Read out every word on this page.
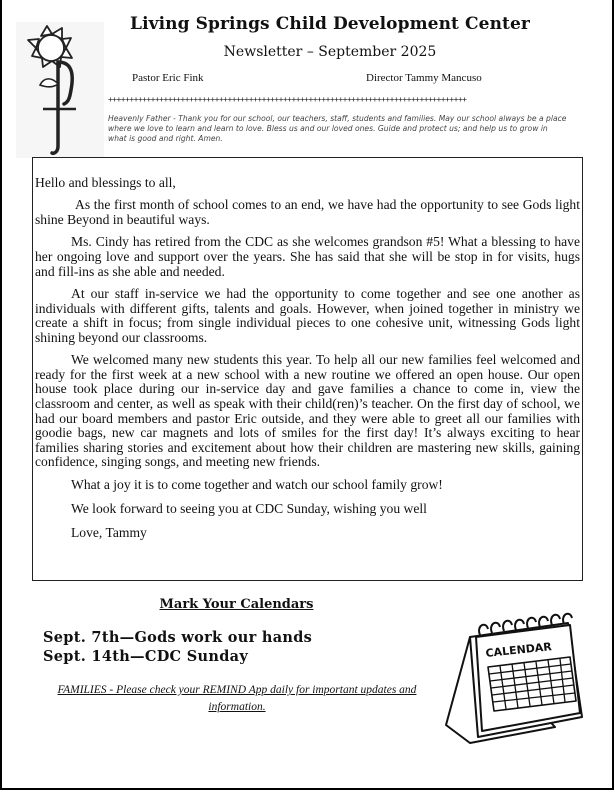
Living Springs Child Development Center
Newsletter – September 2025
Pastor Eric Fink	Director Tammy Mancuso
++++++++++++++++++++++++++++++++++++++++++++++++++++++++++++++++++++++++++++++++++++
Heavenly Father - Thank you for our school, our teachers, staff, students and families. May our school always be a place where we love to learn and learn to love. Bless us and our loved ones. Guide and protect us; and help us to grow in what is good and right. Amen.

Hello and blessings to all,

As the first month of school comes to an end, we have had the opportunity to see Gods light shine Beyond in beautiful ways.

Ms. Cindy has retired from the CDC as she welcomes grandson #5! What a blessing to have her ongoing love and support over the years. She has said that she will be stop in for visits, hugs and fill-ins as she able and needed.

At our staff in-service we had the opportunity to come together and see one another as individuals with different gifts, talents and goals. However, when joined together in ministry we create a shift in focus; from single individual pieces to one cohesive unit, witnessing Gods light shining beyond our classrooms.

We welcomed many new students this year. To help all our new families feel welcomed and ready for the first week at a new school with a new routine we offered an open house. Our open house took place during our in-service day and gave families a chance to come in, view the classroom and center, as well as speak with their child(ren)’s teacher. On the first day of school, we had our board members and pastor Eric outside, and they were able to greet all our families with goodie bags, new car magnets and lots of smiles for the first day! It’s always exciting to hear families sharing stories and excitement about how their children are mastering new skills, gaining confidence, singing songs, and meeting new friends.

What a joy it is to come together and watch our school family grow!

We look forward to seeing you at CDC Sunday, wishing you well

Love, Tammy

Mark Your Calendars
Sept. 7th—Gods work our hands
Sept. 14th—CDC Sunday
FAMILIES - Please check your REMIND App daily for important updates and information.
CALENDAR
